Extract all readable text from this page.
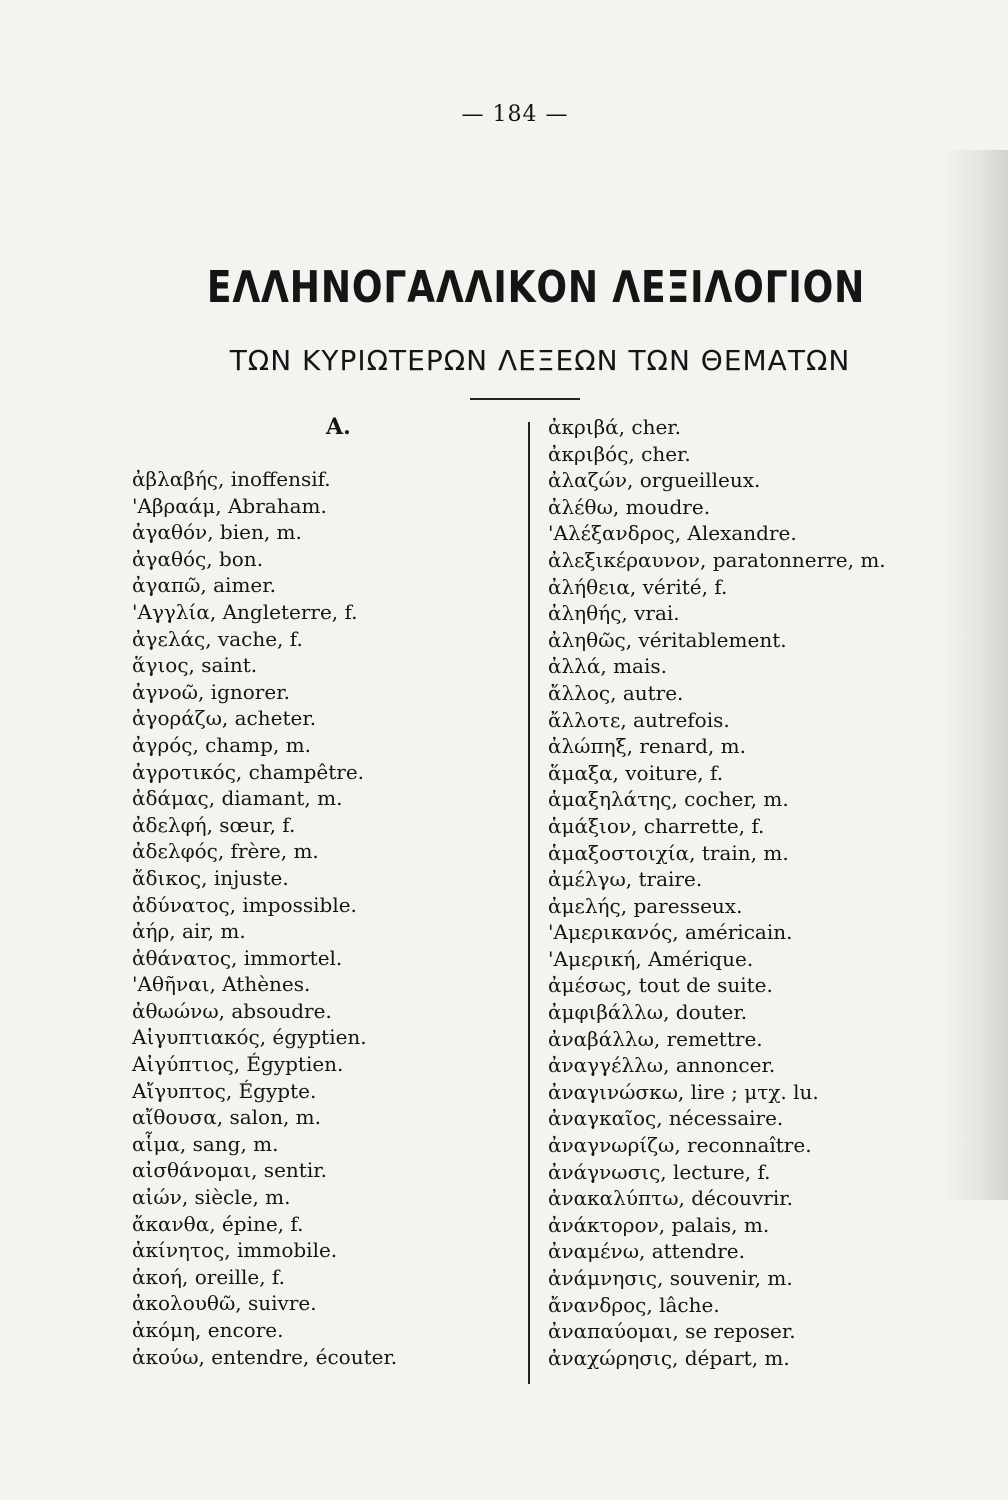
— 184 —
ΕΛΛΗΝΟΓΑΛΛΙΚΟΝ ΛΕΞΙΛΟΓΙΟΝ
ΤΩΝ ΚΥΡΙΩΤΕΡΩΝ ΛΕΞΕΩΝ ΤΩΝ ΘΕΜΑΤΩΝ
Α.
ἀβλαβής, inoffensif.
'Αβραάμ, Abraham.
ἀγαθόν, bien, m.
ἀγαθός, bon.
ἀγαπῶ, aimer.
'Αγγλία, Angleterre, f.
ἀγελάς, vache, f.
ἅγιος, saint.
ἀγνοῶ, ignorer.
ἀγοράζω, acheter.
ἀγρός, champ, m.
ἀγροτικός, champêtre.
ἀδάμας, diamant, m.
ἀδελφή, sœur, f.
ἀδελφός, frère, m.
ἄδικος, injuste.
ἀδύνατος, impossible.
ἀήρ, air, m.
ἀθάνατος, immortel.
'Αθῆναι, Athènes.
ἀθωώνω, absoudre.
Αἰγυπτιακός, égyptien.
Αἰγύπτιος, Égyptien.
Αἴγυπτος, Égypte.
αἴθουσα, salon, m.
αἷμα, sang, m.
αἰσθάνομαι, sentir.
αἰών, siècle, m.
ἄκανθα, épine, f.
ἀκίνητος, immobile.
ἀκοή, oreille, f.
ἀκολουθῶ, suivre.
ἀκόμη, encore.
ἀκούω, entendre, écouter.
ἀκριβά, cher.
ἀκριβός, cher.
ἀλαζών, orgueilleux.
ἀλέθω, moudre.
'Αλέξανδρος, Alexandre.
ἀλεξικέραυνον, paratonnerre, m.
ἀλήθεια, vérité, f.
ἀληθής, vrai.
ἀληθῶς, véritablement.
ἀλλά, mais.
ἄλλος, autre.
ἄλλοτε, autrefois.
ἀλώπηξ, renard, m.
ἅμαξα, voiture, f.
ἁμαξηλάτης, cocher, m.
ἁμάξιον, charrette, f.
ἁμαξοστοιχία, train, m.
ἀμέλγω, traire.
ἀμελής, paresseux.
'Αμερικανός, américain.
'Αμερική, Amérique.
ἀμέσως, tout de suite.
ἀμφιβάλλω, douter.
ἀναβάλλω, remettre.
ἀναγγέλλω, annoncer.
ἀναγινώσκω, lire ; μτχ. lu.
ἀναγκαῖος, nécessaire.
ἀναγνωρίζω, reconnaître.
ἀνάγνωσις, lecture, f.
ἀνακαλύπτω, découvrir.
ἀνάκτορον, palais, m.
ἀναμένω, attendre.
ἀνάμνησις, souvenir, m.
ἄνανδρος, lâche.
ἀναπαύομαι, se reposer.
ἀναχώρησις, départ, m.
